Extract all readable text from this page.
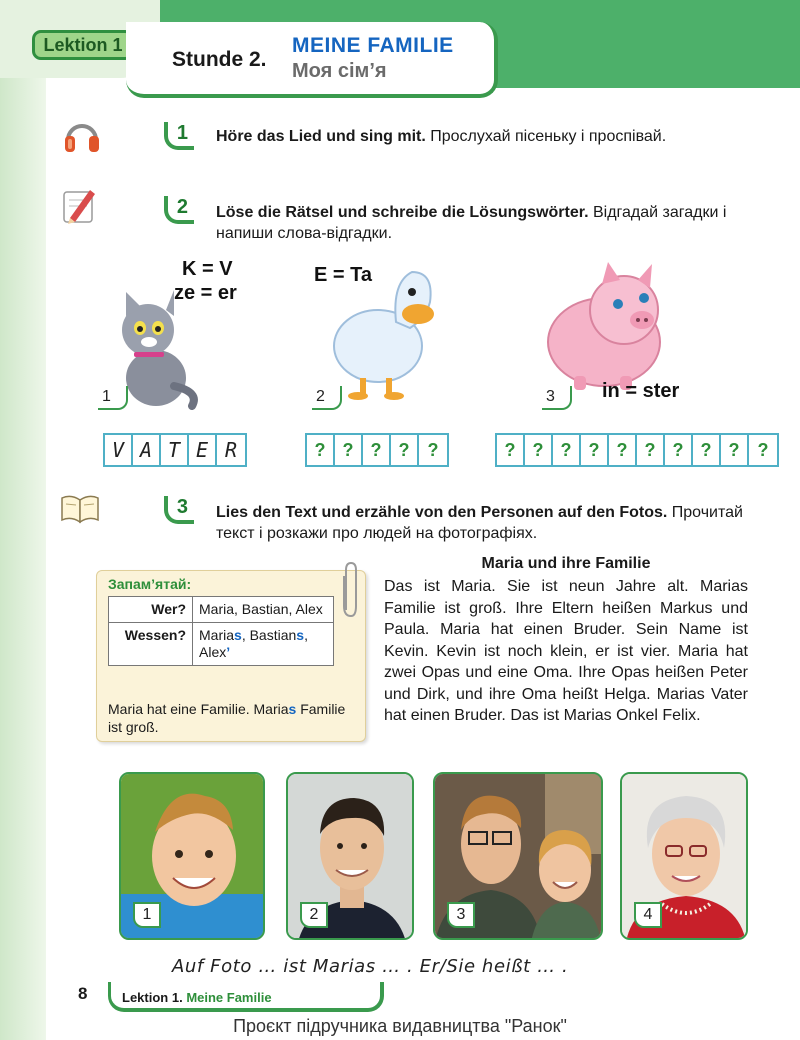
Lektion 1
Stunde 2.
MEINE FAMILIE
Моя сім’я
1	Höre das Lied und sing mit. Прослухай пісеньку і проспівай.
2	Löse die Rätsel und schreibe die Lösungswörter. Відгадай загадки і напиши слова-відгадки.
K = V
ze = er
1
E = Ta
2	in = ster
3
V A T E R	? ? ? ?	?	? ? ? ? ? ? ? ? ?	?
3	Lies den Text und erzähle von den Personen auf den Fotos. Прочитай текст і розкажи про людей на фотографіях.
Запам’ятай:
Wer?	Maria, Bastian, Alex
Wessen?	Marias, Bastians,
Alex’
Maria hat eine Familie. Marias Familie ist groß.
Maria und ihre Familie
Das ist Maria. Sie ist neun Jahre alt. Marias Familie ist groß. Ihre Eltern heißen Markus und Paula. Maria hat einen Bruder. Sein Name ist Kevin. Kevin ist noch klein, er ist vier. Maria hat zwei Opas und eine Oma. Ihre Opas heißen Peter und Dirk, und ihre Oma heißt Helga. Marias Vater hat einen Bruder. Das ist Marias Onkel Felix.
1	2	3	4
Auf Foto … ist Marias … . Er/Sie heißt … .
8	Lektion 1. Meine Familie
Проєкт підручника видавництва "Ранок"
